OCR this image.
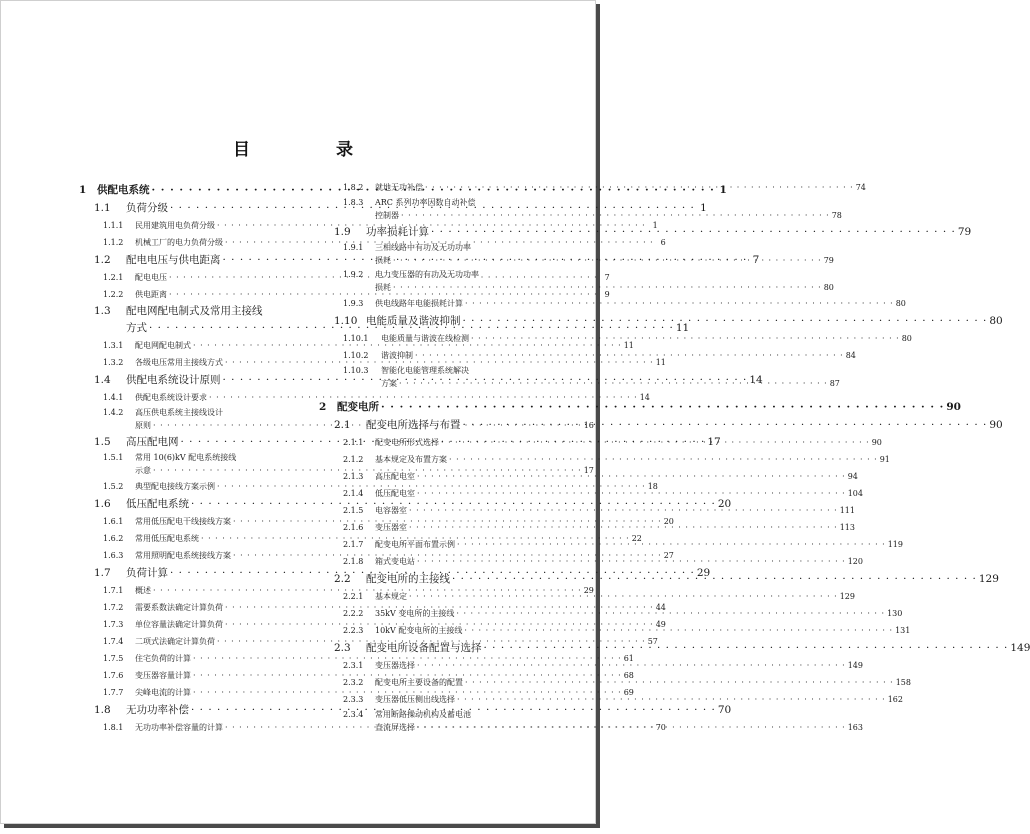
目 录
1	供配电系统 · · ·	1
1.1	负荷分级 · · ·	1
1.1.1	民用建筑用电负荷分级 · · ·	1
1.1.2	机械工厂的电力负荷分级 · · ·	6
1.2	配电电压与供电距离 · · ·	7
1.2.1	配电电压 · · ·	7
1.2.2	供电距离 · · ·	9
1.3	配电网配电制式及常用主接线
方式 · · ·	11
1.3.1	配电网配电制式 · · ·	11
1.3.2	各级电压常用主接线方式 · · ·	11
1.4	供配电系统设计原则 · · ·	14
1.4.1	供配电系统设计要求 · · ·	14
1.4.2	高压供电系统主接线设计
原则 · · ·	16
1.5	高压配电网 · · ·	17
1.5.1	常用 10(6)kV 配电系统接线
示意 · · ·	17
1.5.2	典型配电接线方案示例 · · ·	18
1.6	低压配电系统 · · ·	20
1.6.1	常用低压配电干线接线方案 · · ·	20
1.6.2	常用低压配电系统 · · ·	22
1.6.3	常用照明配电系统接线方案 · · ·	27
1.7	负荷计算 · · ·	29
1.7.1	概述 · · ·	29
1.7.2	需要系数法确定计算负荷 · · ·	44
1.7.3	单位容量法确定计算负荷 · · ·	49
1.7.4	二项式法确定计算负荷 · · ·	57
1.7.5	住宅负荷的计算 · · ·	61
1.7.6	变压器容量计算 · · ·	68
1.7.7	尖峰电流的计算 · · ·	69
1.8	无功功率补偿 · · ·	70
1.8.1	无功功率补偿容量的计算 · · ·	70
1.8.2	就地无功补偿 · · ·	74
1.8.3	ARC 系列功率因数自动补偿
控制器 · · ·	78
1.9	功率损耗计算 · · ·	79
1.9.1	三相线路中有功及无功功率
损耗 · · ·	79
1.9.2	电力变压器的有功及无功功率
损耗 · · ·	80
1.9.3	供电线路年电能损耗计算 · · ·	80
1.10 电能质量及谐波抑制 · · ·	80
1.10.1	电能质量与谐波在线检测 · · ·	80
1.10.2	谐波抑制 · · ·	84
1.10.3	智能化电能管理系统解决
方案 · · ·	87
2	配变电所 · · ·	90
2.1	配变电所选择与布置 · · ·	90
2.1.1	配变电所形式选择 · · ·	90
2.1.2	基本规定及布置方案 · · ·	91
2.1.3	高压配电室 · · ·	94
2.1.4	低压配电室 · · ·	104
2.1.5	电容器室 · · ·	111
2.1.6	变压器室 · · ·	113
2.1.7	配变电所平面布置示例 · · ·	119
2.1.8	箱式变电站 · · ·	120
2.2	配变电所的主接线 · · ·	129
2.2.1	基本规定 · · ·	129
2.2.2	35kV 变电所的主接线 · · ·	130
2.2.3	10kV 配变电所的主接线 · · ·	131
2.3	配变电所设备配置与选择 · · ·	149
2.3.1	变压器选择 · · ·	149
2.3.2	配变电所主要设备的配置 · · ·	158
2.3.3	变压器低压侧出线选择 · · ·	162
2.3.4	常用断路操动机构及蓄电池
直流屏选择 · · ·	163
